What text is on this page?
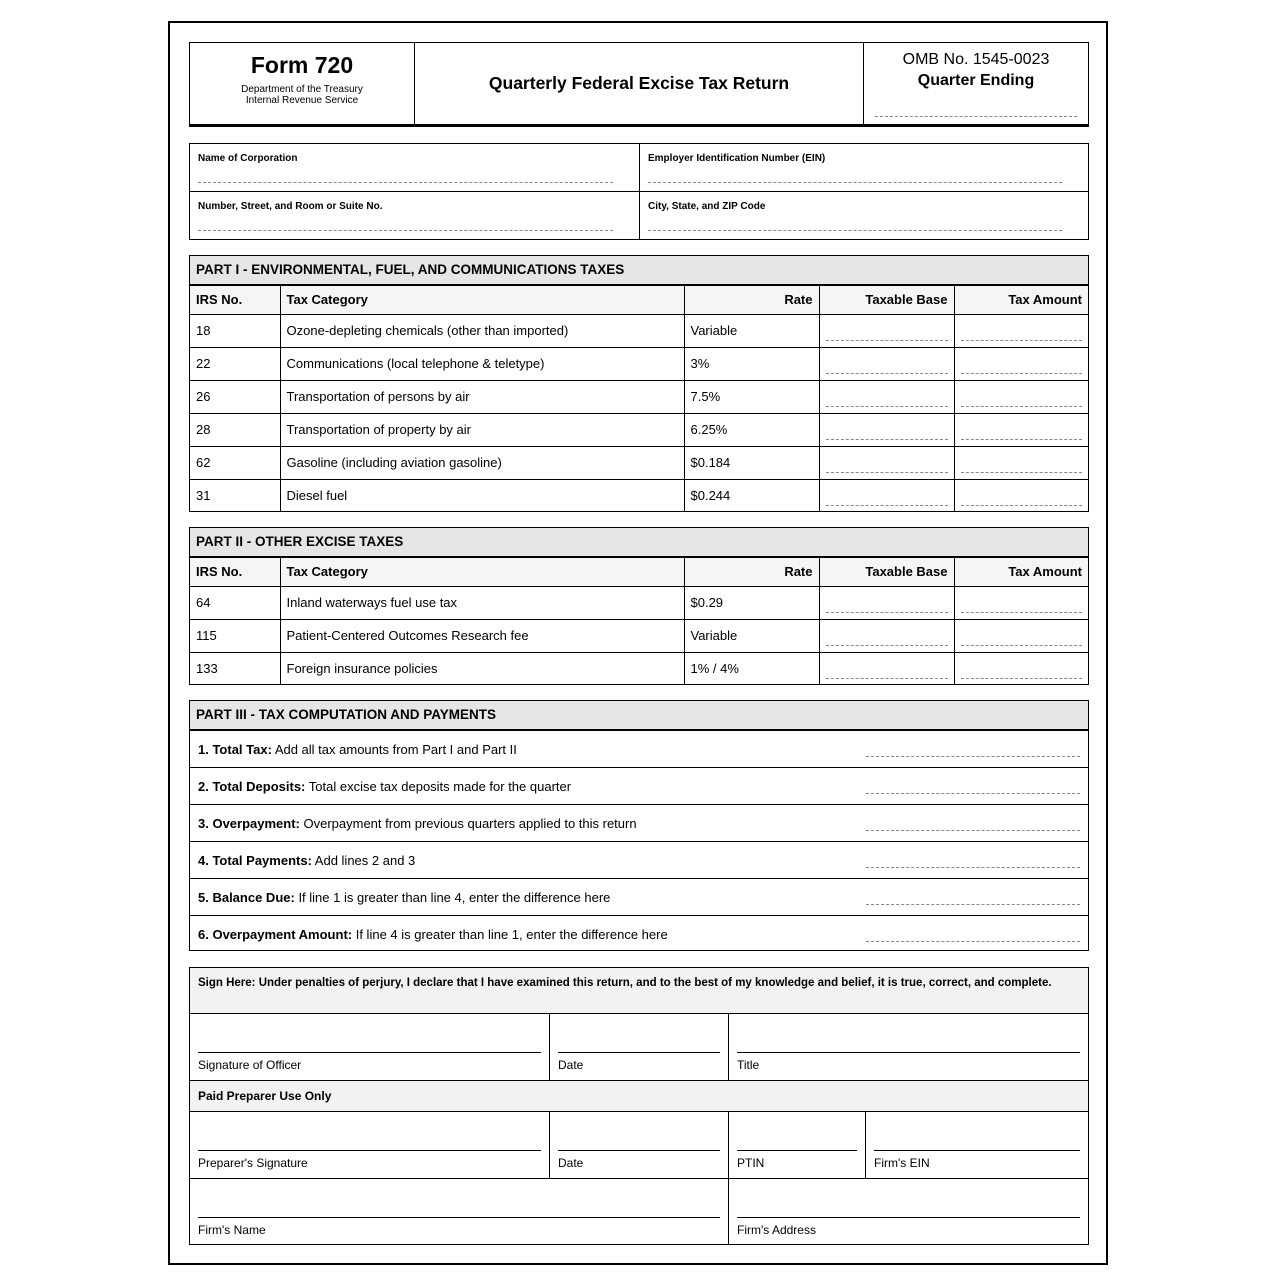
Form 720
Department of the Treasury
Internal Revenue Service
Quarterly Federal Excise Tax Return
OMB No. 1545-0023
Quarter Ending
Name of Corporation	Employer Identification Number (EIN)
Number, Street, and Room or Suite No.	City, State, and ZIP Code
PART I - ENVIRONMENTAL, FUEL, AND COMMUNICATIONS TAXES
IRS No.	Tax Category	Rate	Taxable Base	Tax Amount
18	Ozone-depleting chemicals (other than imported)	Variable	

22	Communications (local telephone & teletype)	3%	

26	Transportation of persons by air	7.5%	

28	Transportation of property by air	6.25%	

62	Gasoline (including aviation gasoline)	$0.184	

31	Diesel fuel	$0.244	

PART II - OTHER EXCISE TAXES
IRS No.	Tax Category	Rate	Taxable Base	Tax Amount
64	Inland waterways fuel use tax	$0.29	

115	Patient-Centered Outcomes Research fee	Variable	

133	Foreign insurance policies	1% / 4%	

PART III - TAX COMPUTATION AND PAYMENTS
1. Total Tax: Add all tax amounts from Part I and Part II
2. Total Deposits: Total excise tax deposits made for the quarter
3. Overpayment: Overpayment from previous quarters applied to this return
4. Total Payments: Add lines 2 and 3
5. Balance Due: If line 1 is greater than line 4, enter the difference here
6. Overpayment Amount: If line 4 is greater than line 1, enter the difference here
Sign Here: Under penalties of perjury, I declare that I have examined this return, and to the best of my knowledge and belief, it is true, correct, and complete.
Signature of Officer	Date	Title
Paid Preparer Use Only
Preparer's Signature	Date	PTIN	Firm's EIN
Firm's Name	Firm's Address
